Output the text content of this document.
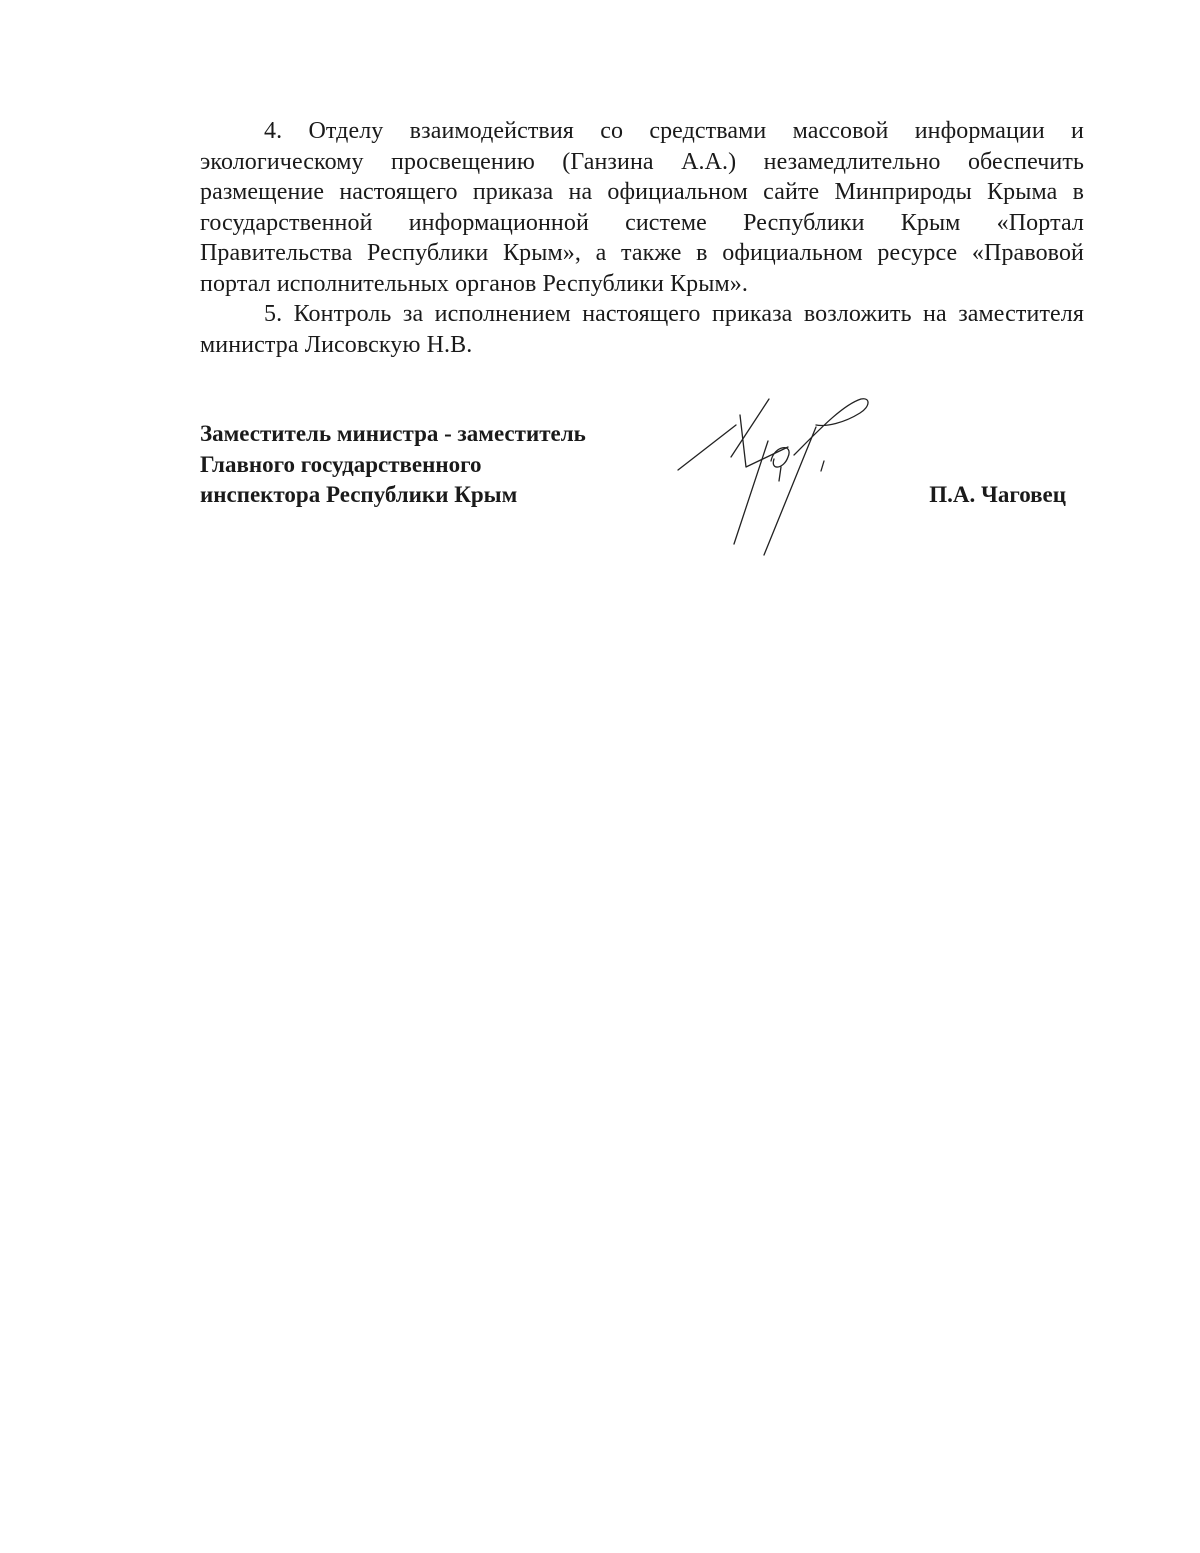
4. Отделу взаимодействия со средствами массовой информации и экологическому просвещению (Ганзина А.А.) незамедлительно обеспечить размещение настоящего приказа на официальном сайте Минприроды Крыма в государственной информационной системе Республики Крым «Портал Правительства Республики Крым», а также в официальном ресурсе «Правовой портал исполнительных органов Республики Крым».

5. Контроль за исполнением настоящего приказа возложить на заместителя министра Лисовскую Н.В.

Заместитель министра - заместитель
Главного государственного
инспектора Республики Крым	П.А. Чаговец
